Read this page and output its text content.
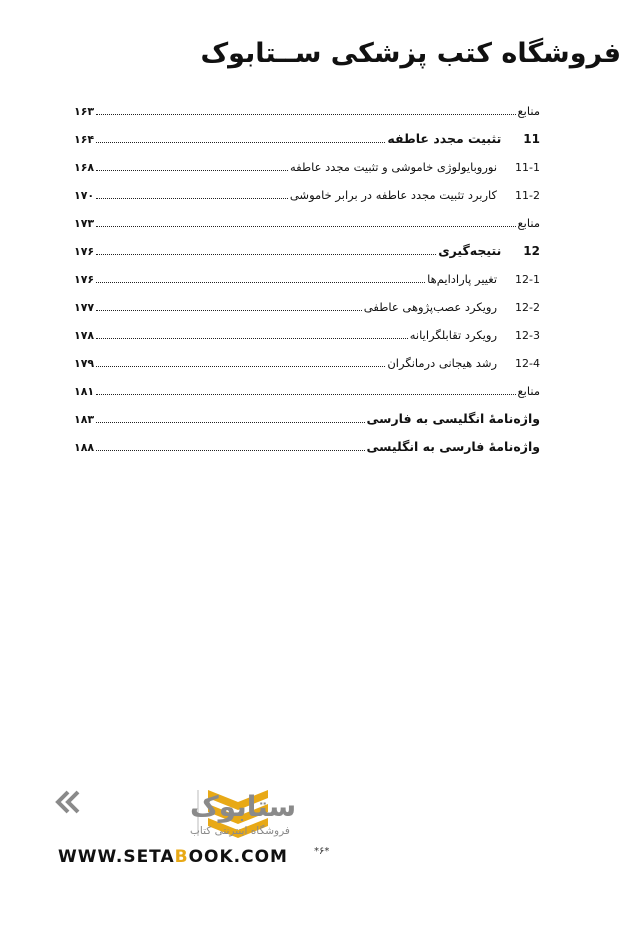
فروشگاه کتب پزشکی ســتابوک
منابع
۱۶۳
11
تثبیت مجدد عاطفه
۱۶۴
11-1
نوروبایولوژی خاموشی و تثبیت مجدد عاطفه
۱۶۸
11-2
کاربرد تثبیت مجدد عاطفه در برابر خاموشی
۱۷۰
منابع
۱۷۳
12
نتیجه‌گیری
۱۷۶
12-1
تغییر پارادایم‌ها
۱۷۶
12-2
رویکرد عصب‌پژوهی عاطفی
۱۷۷
12-3
رویکرد تقابلگرایانه
۱۷۸
12-4
رشد هیجانی درمانگران
۱۷۹
منابع
۱۸۱
واژه‌نامۀ انگلیسی به فارسی
۱۸۳
واژه‌نامۀ فارسی به انگلیسی
۱۸۸
ستابوک
فروشگاه اینترنتی کتاب
WWW.SETABOOK.COM	*۶*
